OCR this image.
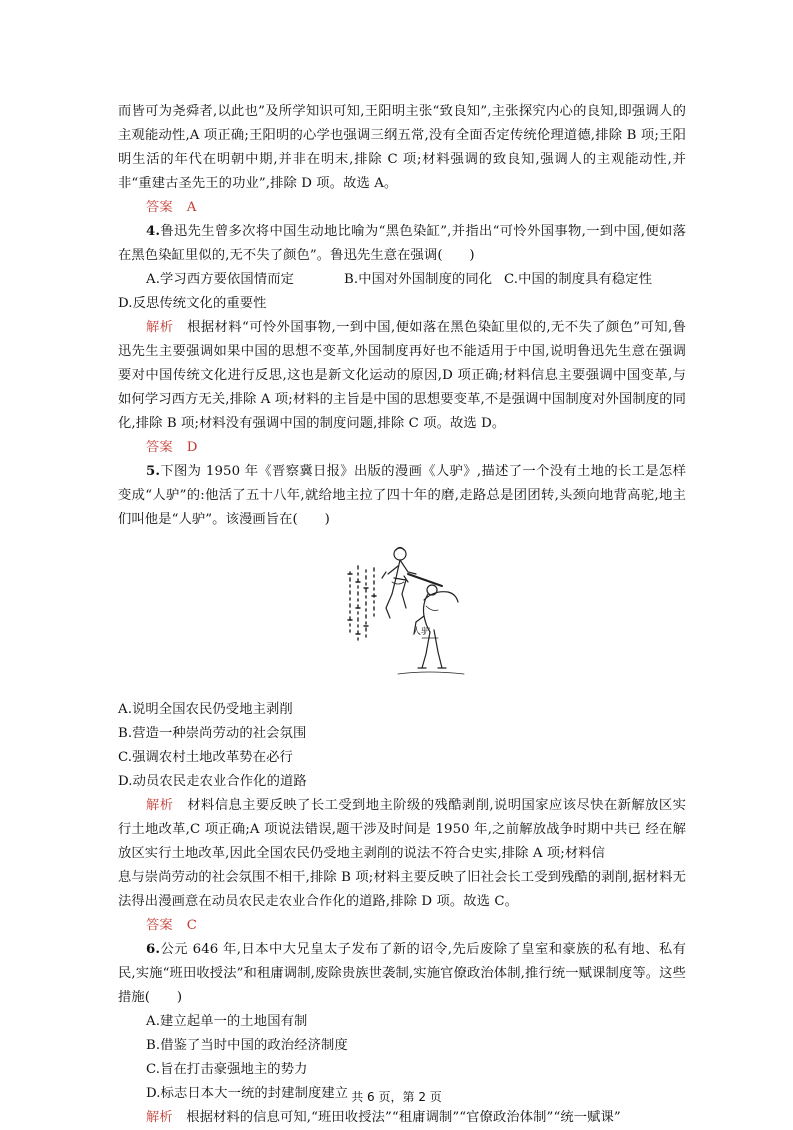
而皆可为尧舜者,以此也”及所学知识可知,王阳明主张“致良知”,主张探究内心的良知,即强调人的主观能动性,A 项正确;王阳明的心学也强调三纲五常,没有全面否定传统伦理道德,排除 B 项;王阳明生活的年代在明朝中期,并非在明末,排除 C 项;材料强调的致良知,强调人的主观能动性,并非“重建古圣先王的功业”,排除 D 项。故选 A。

答案 A

4.鲁迅先生曾多次将中国生动地比喻为“黑色染缸”,并指出“可怜外国事物,一到中国,便如落在黑色染缸里似的,无不失了颜色”。鲁迅先生意在强调(　　)

A.学习西方要依国情而定	B.中国对外国制度的同化 C.中国的制度具有稳定性

D.反思传统文化的重要性

解析　 根据材料“可怜外国事物,一到中国,便如落在黑色染缸里似的,无不失了颜色”可知,鲁迅先生主要强调如果中国的思想不变革,外国制度再好也不能适用于中国,说明鲁迅先生意在强调要对中国传统文化进行反思,这也是新文化运动的原因,D 项正确;材料信息主要强调中国变革,与如何学习西方无关,排除 A 项;材料的主旨是中国的思想要变革,不是强调中国制度对外国制度的同化,排除 B 项;材料没有强调中国的制度问题,排除 C 项。故选 D。

答案 D

5.下图为 1950 年《晋察冀日报》出版的漫画《人驴》,描述了一个没有土地的长工是怎样变成“人驴”的:他活了五十八年,就给地主拉了四十年的磨,走路总是团团转,头颈向地背高驼,地主们叫他是“人驴”。该漫画旨在(　　)

人驴

A.说明全国农民仍受地主剥削

B.营造一种崇尚劳动的社会氛围

C.强调农村土地改革势在必行

D.动员农民走农业合作化的道路

解析　 材料信息主要反映了长工受到地主阶级的残酷剥削,说明国家应该尽快在新解放区实行土地改革,C 项正确;A 项说法错误,题干涉及时间是 1950 年,之前解放战争时期中共已 经在解放区实行土地改革,因此全国农民仍受地主剥削的说法不符合史实,排除 A 项;材料信

息与崇尚劳动的社会氛围不相干,排除 B 项;材料主要反映了旧社会长工受到残酷的剥削,据材料无法得出漫画意在动员农民走农业合作化的道路,排除 D 项。故选 C。

答案 C

6.公元 646 年,日本中大兄皇太子发布了新的诏令,先后废除了皇室和豪族的私有地、私有民,实施“班田收授法”和租庸调制,废除贵族世袭制,实施官僚政治体制,推行统一赋课制度等。这些措施(　　)

A.建立起单一的土地国有制

B.借鉴了当时中国的政治经济制度

C.旨在打击豪强地主的势力

D.标志日本大一统的封建制度建立

解析　 根据材料的信息可知,“班田收授法”“租庸调制”“官僚政治体制”“统一赋课”

共 6 页，第 2 页
